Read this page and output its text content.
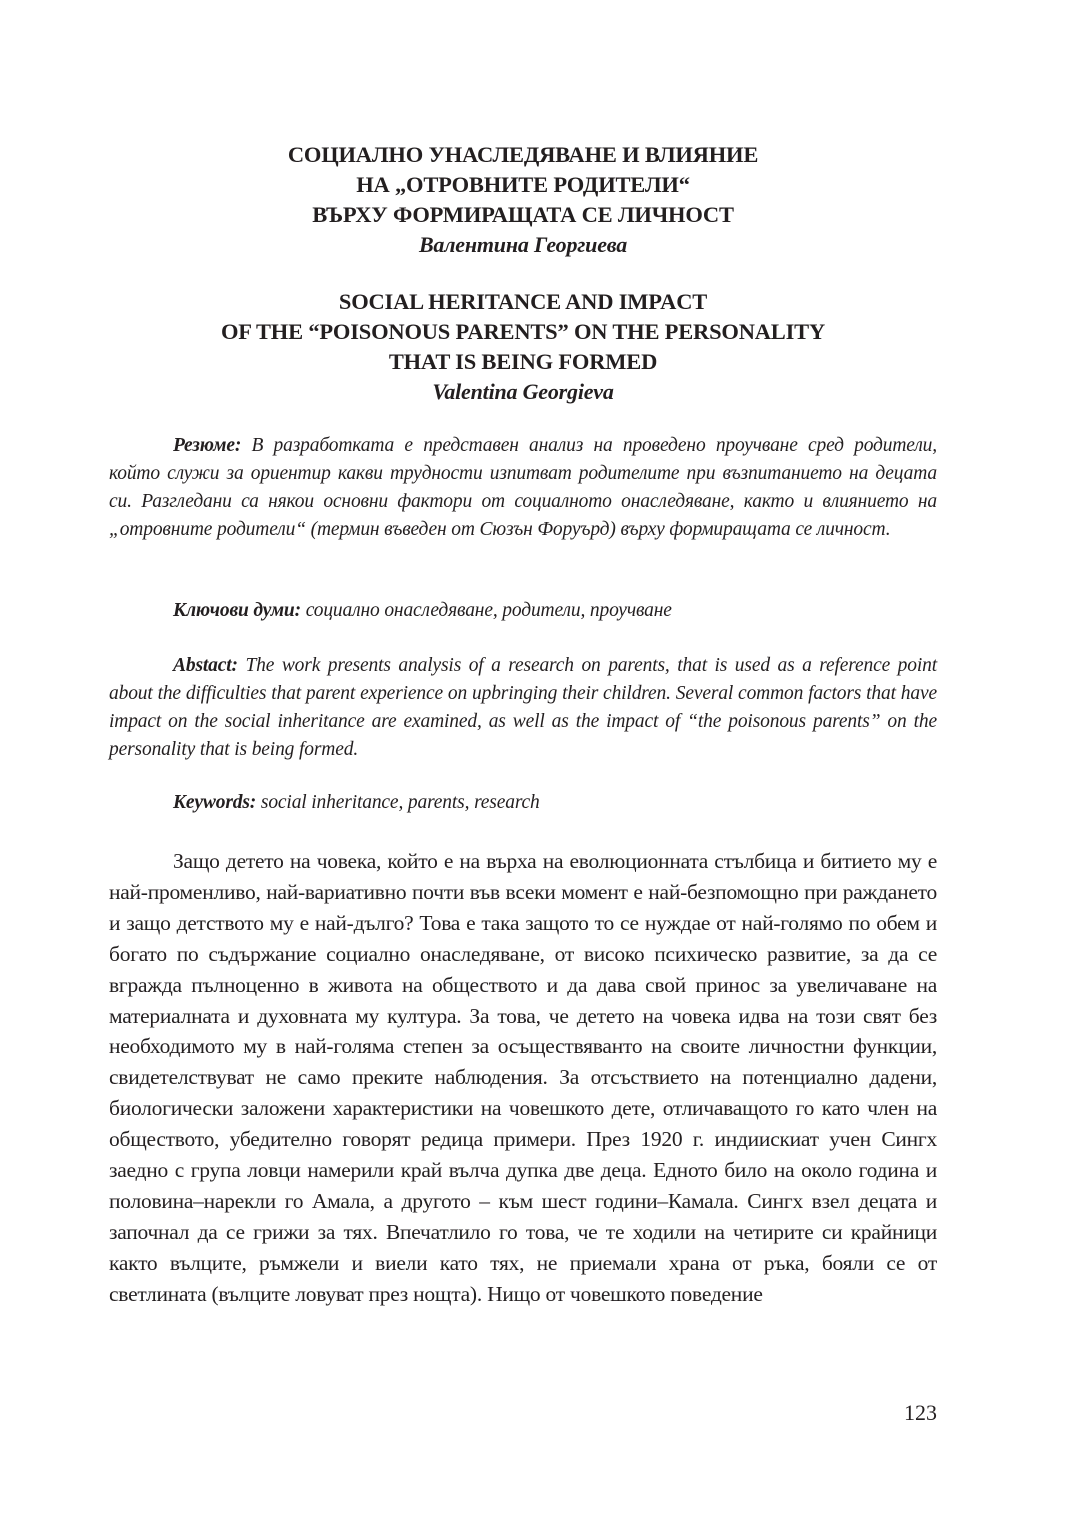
СОЦИАЛНО УНАСЛЕДЯВАНЕ И ВЛИЯНИЕ
НА „ОТРОВНИТЕ РОДИТЕЛИ“
ВЪРХУ ФОРМИРАЩАТА СЕ ЛИЧНОСТ
Валентина Георгиева
SOCIAL HERITANCE AND IMPACT
OF THE “POISONOUS PARENTS” ON THE PERSONALITY
THAT IS BEING FORMED
Valentina Georgieva

Резюме: В разработката е представен анализ на проведено проучване сред родители, който служи за ориентир какви трудности изпитват родителите при възпитанието на децата си. Разгледани са някои основни фактори от социалното онаследяване, както и влиянието на „отровните родители“ (термин въведен от Сюзън Форуърд) върху формиращата се личност.

Ключови думи: социално онаследяване, родители, проучване

Abstact: The work presents analysis of a research on parents, that is used as a reference point about the difficulties that parent experience on upbringing their children. Several common factors that have impact on the social inheritance are examined, as well as the impact of “the poisonous parents” on the personality that is being formed.

Keywords: social inheritance, parents, research

Защо детето на човека, който е на върха на еволюционната стълбица и битието му е най-променливо, най-вариативно почти във всеки момент е най-безпомощно при раждането и защо детството му е най-дълго? Това е така защото то се нуждае от най-голямо по обем и богато по съдържание социално онаследяване, от високо психическо развитие, за да се вгражда пълноценно в живота на обществото и да дава свой принос за увеличаване на материалната и духовната му култура. За това, че детето на човека идва на този свят без необходимото му в най-голяма степен за осъществяванто на своите личностни функции, свидетелствуват не само преките наблюдения. За отсъствието на потенциално дадени, биологически заложени характеристики на човешкото дете, отличаващото го като член на обществото, убедително говорят редица примери. През 1920 г. индиискиат учен Сингх заедно с група ловци намерили край вълча дупка две деца. Едното било на около година и половина–нарекли го Амала, а другото – към шест години–Камала. Сингх взел децата и започнал да се грижи за тях. Впечатлило го това, че те ходили на четирите си крайници както вълците, ръмжели и виели като тях, не приемали храна от ръка, бояли се от светлината (вълците ловуват през нощта). Нищо от човешкото поведение

123
